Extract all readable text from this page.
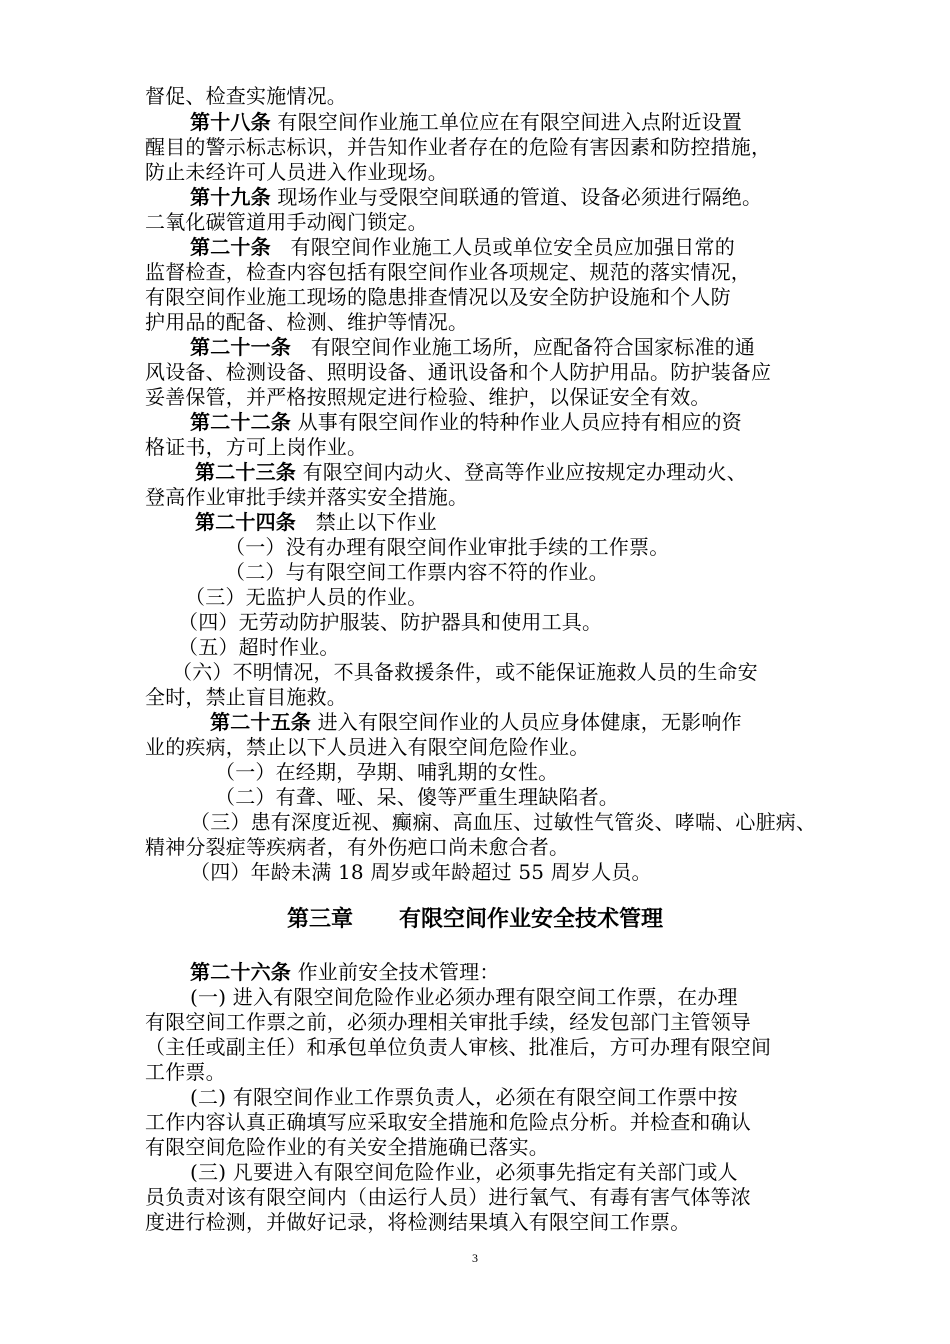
督促、检查实施情况。
第十八条 有限空间作业施工单位应在有限空间进入点附近设置
醒目的警示标志标识，并告知作业者存在的危险有害因素和防控措施，
防止未经许可人员进入作业现场。
第十九条 现场作业与受限空间联通的管道、设备必须进行隔绝。
二氧化碳管道用手动阀门锁定。
第二十条 有限空间作业施工人员或单位安全员应加强日常的
监督检查，检查内容包括有限空间作业各项规定、规范的落实情况，
有限空间作业施工现场的隐患排查情况以及安全防护设施和个人防
护用品的配备、检测、维护等情况。
第二十一条 有限空间作业施工场所，应配备符合国家标准的通
风设备、检测设备、照明设备、通讯设备和个人防护用品。防护装备应
妥善保管，并严格按照规定进行检验、维护，以保证安全有效。
第二十二条 从事有限空间作业的特种作业人员应持有相应的资
格证书，方可上岗作业。
第二十三条 有限空间内动火、登高等作业应按规定办理动火、
登高作业审批手续并落实安全措施。
第二十四条 禁止以下作业
（一）没有办理有限空间作业审批手续的工作票。
（二）与有限空间工作票内容不符的作业。
（三）无监护人员的作业。
（四）无劳动防护服装、防护器具和使用工具。
（五）超时作业。
（六）不明情况，不具备救援条件，或不能保证施救人员的生命安
全时，禁止盲目施救。
第二十五条 进入有限空间作业的人员应身体健康，无影响作
业的疾病，禁止以下人员进入有限空间危险作业。
（一）在经期，孕期、哺乳期的女性。
（二）有聋、哑、呆、傻等严重生理缺陷者。
（三）患有深度近视、癫痫、高血压、过敏性气管炎、哮喘、心脏病、
精神分裂症等疾病者，有外伤疤口尚未愈合者。
（四）年龄未满 18 周岁或年龄超过 55 周岁人员。
第三章      有限空间作业安全技术管理
第二十六条 作业前安全技术管理：
(一) 进入有限空间危险作业必须办理有限空间工作票，在办理
有限空间工作票之前，必须办理相关审批手续，经发包部门主管领导
（主任或副主任）和承包单位负责人审核、批准后，方可办理有限空间
工作票。
(二) 有限空间作业工作票负责人，必须在有限空间工作票中按
工作内容认真正确填写应采取安全措施和危险点分析。并检查和确认
有限空间危险作业的有关安全措施确已落实。
(三) 凡要进入有限空间危险作业，必须事先指定有关部门或人
员负责对该有限空间内（由运行人员）进行氧气、有毒有害气体等浓
度进行检测，并做好记录，将检测结果填入有限空间工作票。
3
